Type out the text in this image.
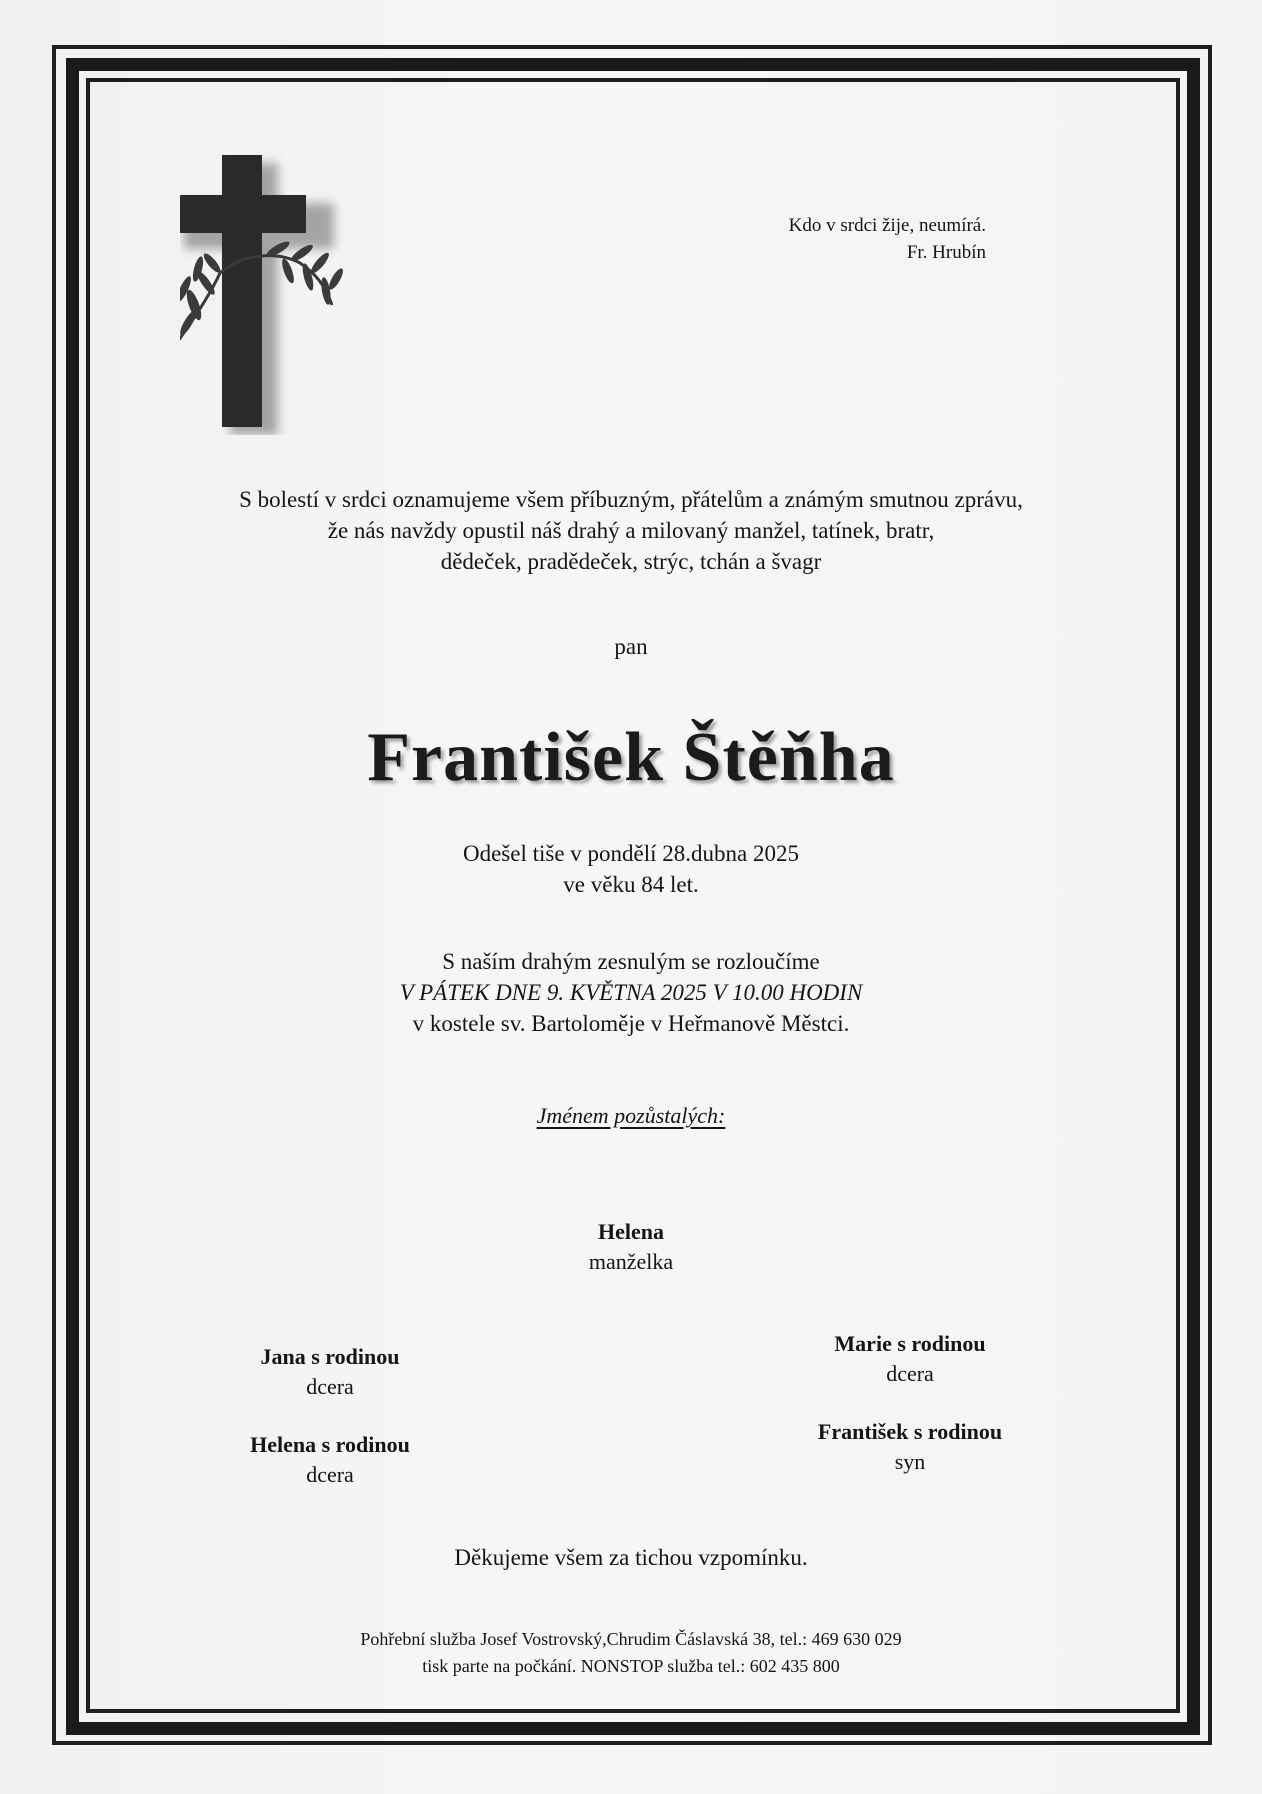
Kdo v srdci žije, neumírá.
Fr. Hrubín
S bolestí v srdci oznamujeme všem příbuzným, přátelům a známým smutnou zprávu,
že nás navždy opustil náš drahý a milovaný manžel, tatínek, bratr,
dědeček, pradědeček, strýc, tchán a švagr
pan
František Štěňha
Odešel tiše v pondělí 28.dubna 2025
ve věku 84 let.
S naším drahým zesnulým se rozloučíme
V PÁTEK DNE 9. KVĚTNA 2025 V 10.00 HODIN
v kostele sv. Bartoloměje v Heřmanově Městci.
Jménem pozůstalých:
Helena
manželka
Jana s rodinou
dcera
Helena s rodinou
dcera
Marie s rodinou
dcera
František s rodinou
syn
Děkujeme všem za tichou vzpomínku.
Pohřební služba Josef Vostrovský,Chrudim Čáslavská 38, tel.: 469 630 029
tisk parte na počkání. NONSTOP služba tel.: 602 435 800
